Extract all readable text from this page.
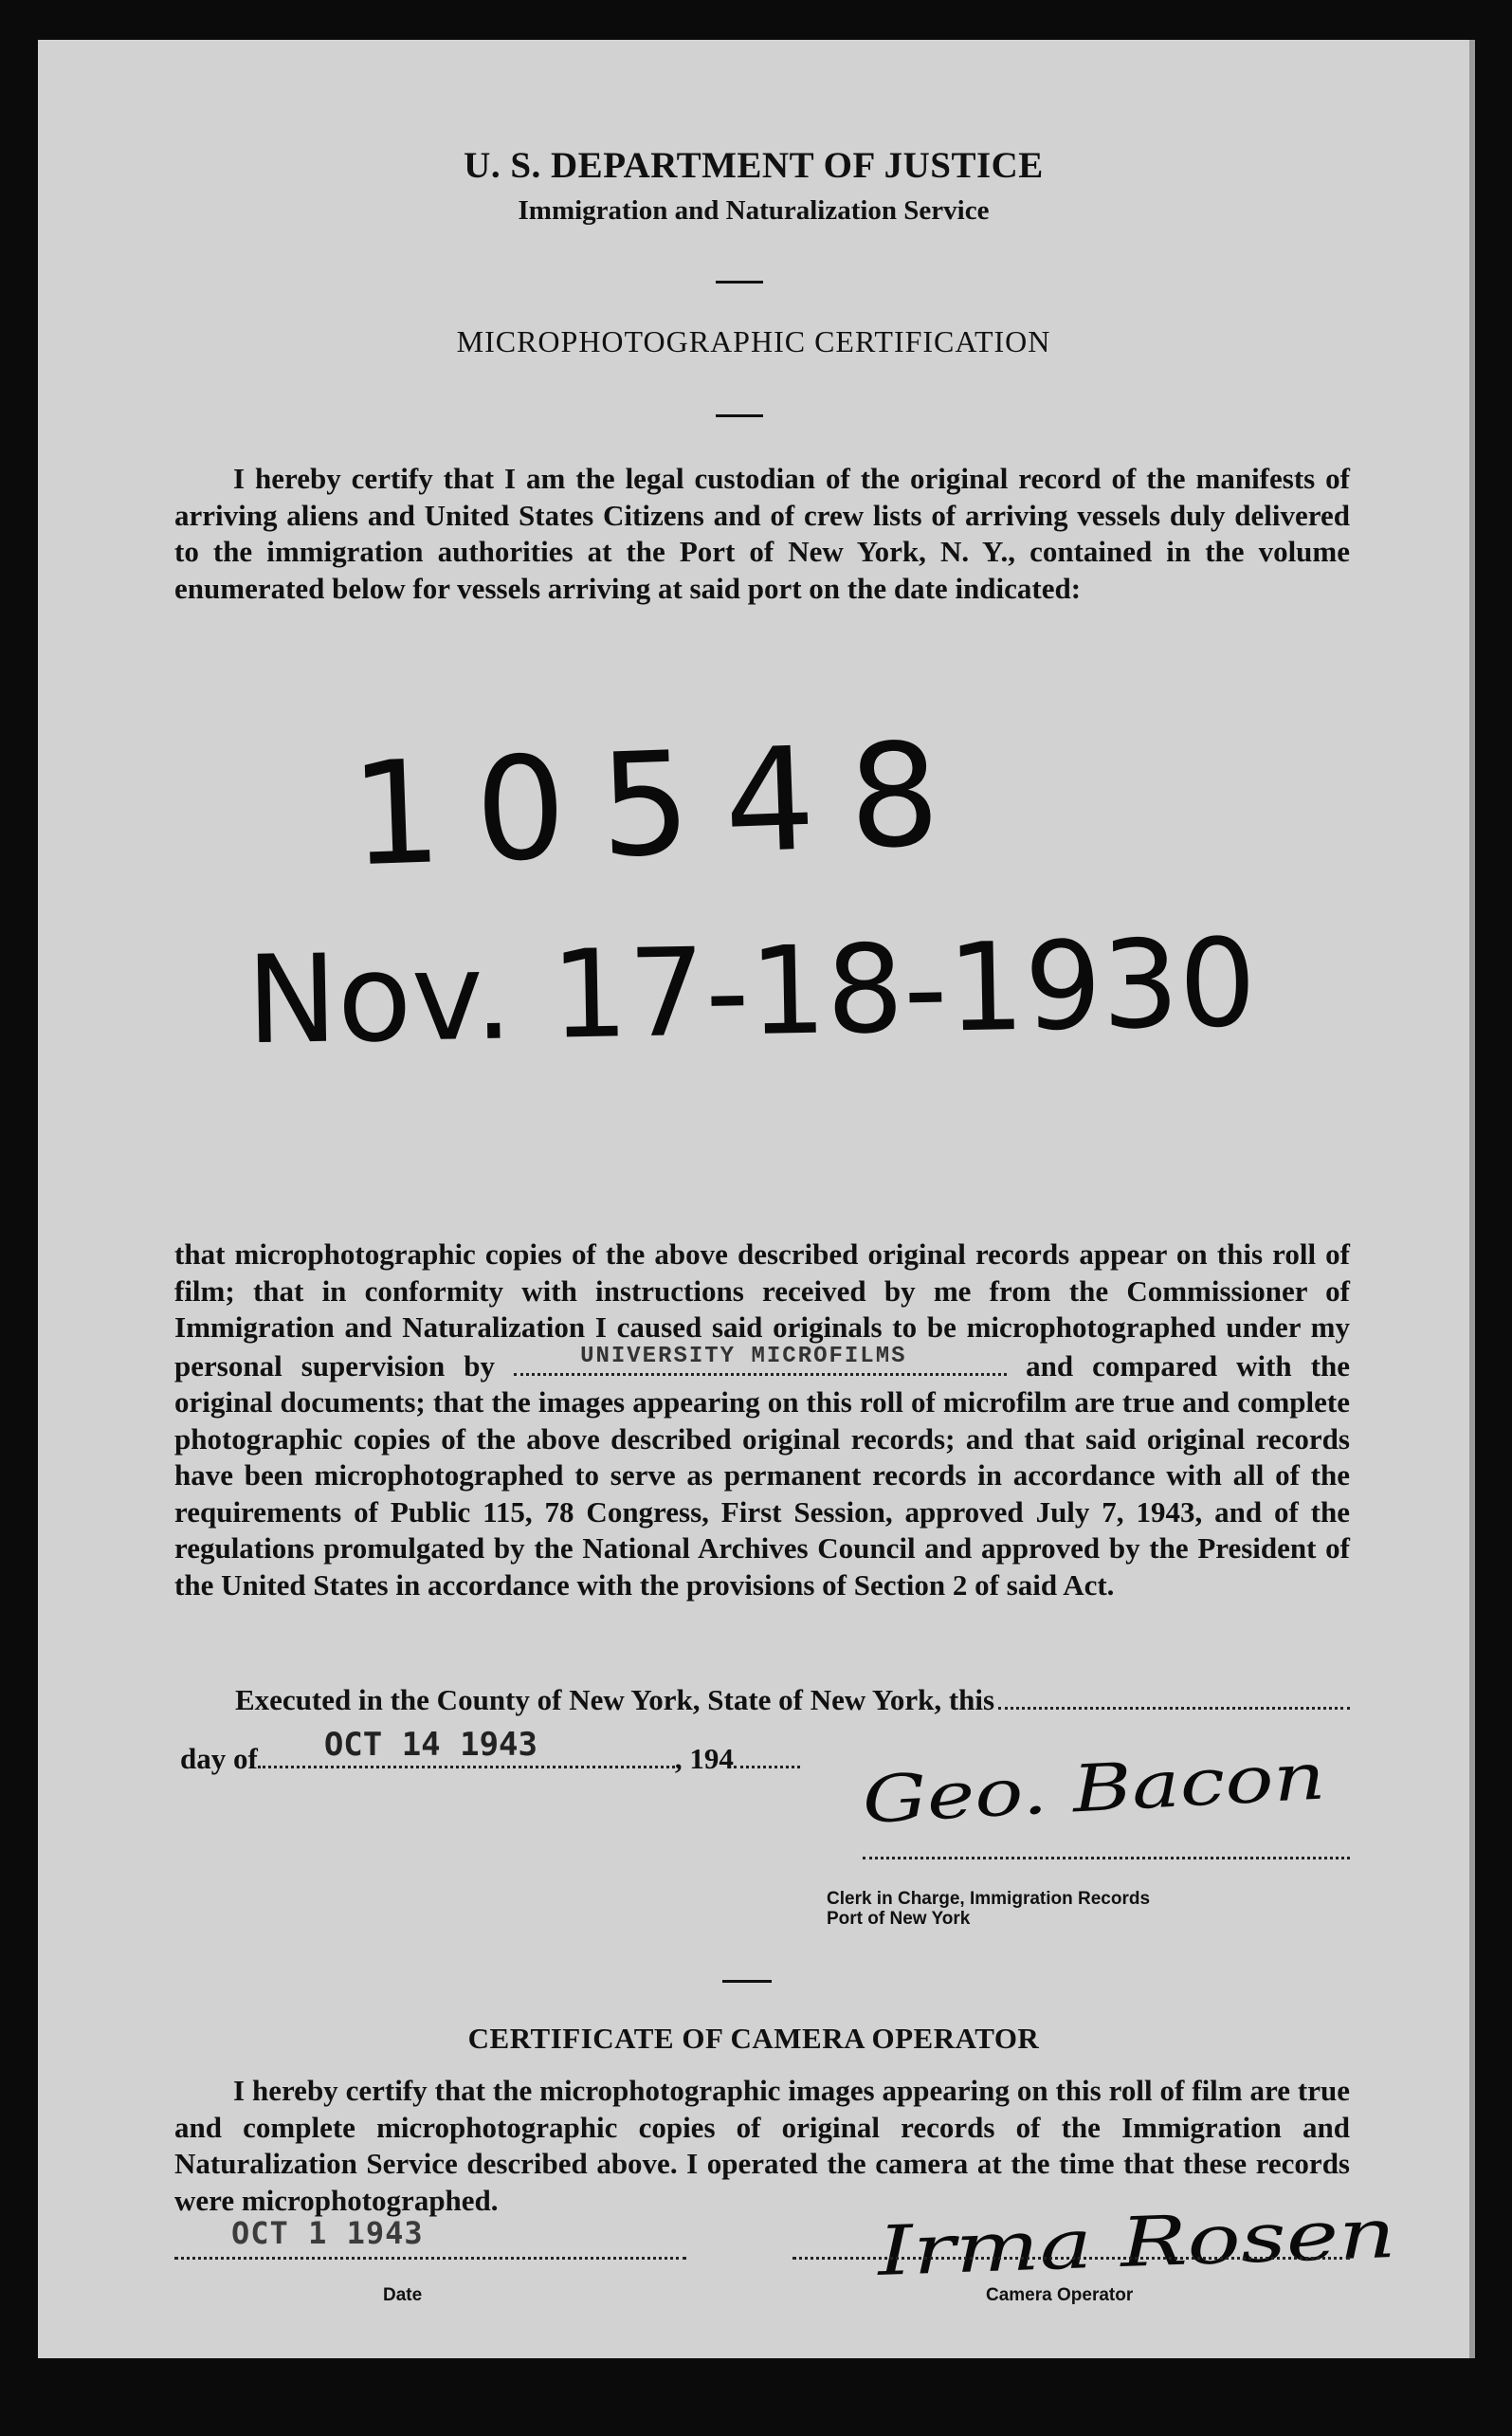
U. S. DEPARTMENT OF JUSTICE
Immigration and Naturalization Service
MICROPHOTOGRAPHIC CERTIFICATION
I hereby certify that I am the legal custodian of the original record of the manifests of arriving aliens and United States Citizens and of crew lists of arriving vessels duly delivered to the immigration authorities at the Port of New York, N. Y., contained in the volume enumerated below for vessels arriving at said port on the date indicated:
10548
Nov. 17-18-1930
that microphotographic copies of the above described original records appear on this roll of film; that in conformity with instructions received by me from the Commissioner of Immigration and Naturalization I caused said originals to be microphotographed under my personal supervision by	UNIVERSITY MICROFILMS	and compared with the original documents; that the images appearing on this roll of microfilm are true and complete photographic copies of the above described original records; and that said original records have been microphotographed to serve as permanent records in accordance with all of the requirements of Public 115, 78 Congress, First Session, approved July 7, 1943, and of the regulations promulgated by the National Archives Council and approved by the President of the United States in accordance with the provisions of Section 2 of said Act.
Executed in the County of New York, State of New York, this
day of OCT 14 1943	, 194 Geo. Bacon
Clerk in Charge, Immigration Records
Port of New York
CERTIFICATE OF CAMERA OPERATOR
I hereby certify that the microphotographic images appearing on this roll of film are true and complete microphotographic copies of original records of the Immigration and Naturalization Service described above. I operated the camera at the time that these records were microphotographed.
OCT 1 1943
Date
Irma Rosen
Camera Operator
